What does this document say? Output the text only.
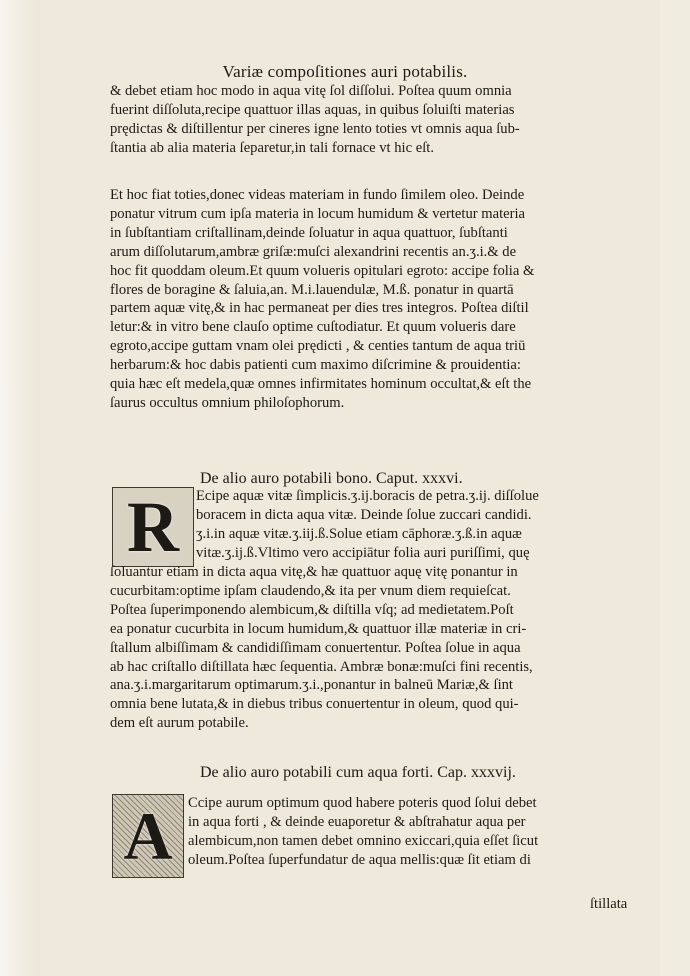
Variæ compoſitiones auri potabilis.
& debet etiam hoc modo in aqua vitę ſol diſſolui. Poſtea quum omnia
fuerint diſſoluta,recipe quattuor illas aquas, in quibus ſoluiſti materias
prędictas & diſtillentur per cineres igne lento toties vt omnis aqua ſub-
ſtantia ab alia materia ſeparetur,in tali fornace vt hic eſt.
Et hoc fiat toties,donec videas materiam in fundo ſimilem oleo. Deinde
ponatur vitrum cum ipſa materia in locum humidum & vertetur materia
in ſubſtantiam criſtallinam,deinde ſoluatur in aqua quattuor, ſubſtanti
arum diſſolutarum,ambræ griſæ:muſci alexandrini recentis an.ʒ.i.& de
hoc fit quoddam oleum.Et quum volueris opitulari egroto: accipe folia &
flores de boragine & ſaluia,an. M.i.lauendulæ, M.ß. ponatur in quartā
partem aquæ vitę,& in hac permaneat per dies tres integros. Poſtea diſtil
letur:& in vitro bene clauſo optime cuſtodiatur. Et quum volueris dare
egroto,accipe guttam vnam olei prędicti , & centies tantum de aqua triū
herbarum:& hoc dabis patienti cum maximo diſcrimine & prouidentia:
quia hæc eſt medela,quæ omnes infirmitates hominum occultat,& eſt the
ſaurus occultus omnium philoſophorum.
De alio auro potabili bono. Caput. xxxvi.
R Ecipe aquæ vitæ ſimplicis.ʒ.ij.boracis de petra.ʒ.ij. diſſolue
boracem in dicta aqua vitæ. Deinde ſolue zuccari candidi.
ʒ.i.in aquæ vitæ.ʒ.iij.ß.Solue etiam cāphoræ.ʒ.ß.in aquæ
vitæ.ʒ.ij.ß.Vltimo vero accipiātur folia auri puriſſimi, quę
ſoluantur etiam in dicta aqua vitę,& hæ quattuor aquę vitę ponantur in
cucurbitam:optime ipſam claudendo,& ita per vnum diem requieſcat.
Poſtea ſuperimponendo alembicum,& diſtilla vſq; ad medietatem.Poſt
ea ponatur cucurbita in locum humidum,& quattuor illæ materiæ in cri-
ſtallum albiſſimam & candidiſſimam conuertentur. Poſtea ſolue in aqua
ab hac criſtallo diſtillata hæc ſequentia. Ambræ bonæ:muſci fini recentis,
ana.ʒ.i.margaritarum optimarum.ʒ.i.,ponantur in balneū Mariæ,& ſint
omnia bene lutata,& in diebus tribus conuertentur in oleum, quod qui-
dem eſt aurum potabile.
De alio auro potabili cum aqua forti. Cap. xxxvij.
A Ccipe aurum optimum quod habere poteris quod ſolui debet
in aqua forti , & deinde euaporetur & abſtrahatur aqua per
alembicum,non tamen debet omnino exiccari,quia eſſet ſicut
oleum.Poſtea ſuperfundatur de aqua mellis:quæ ſit etiam di
ſtillata
